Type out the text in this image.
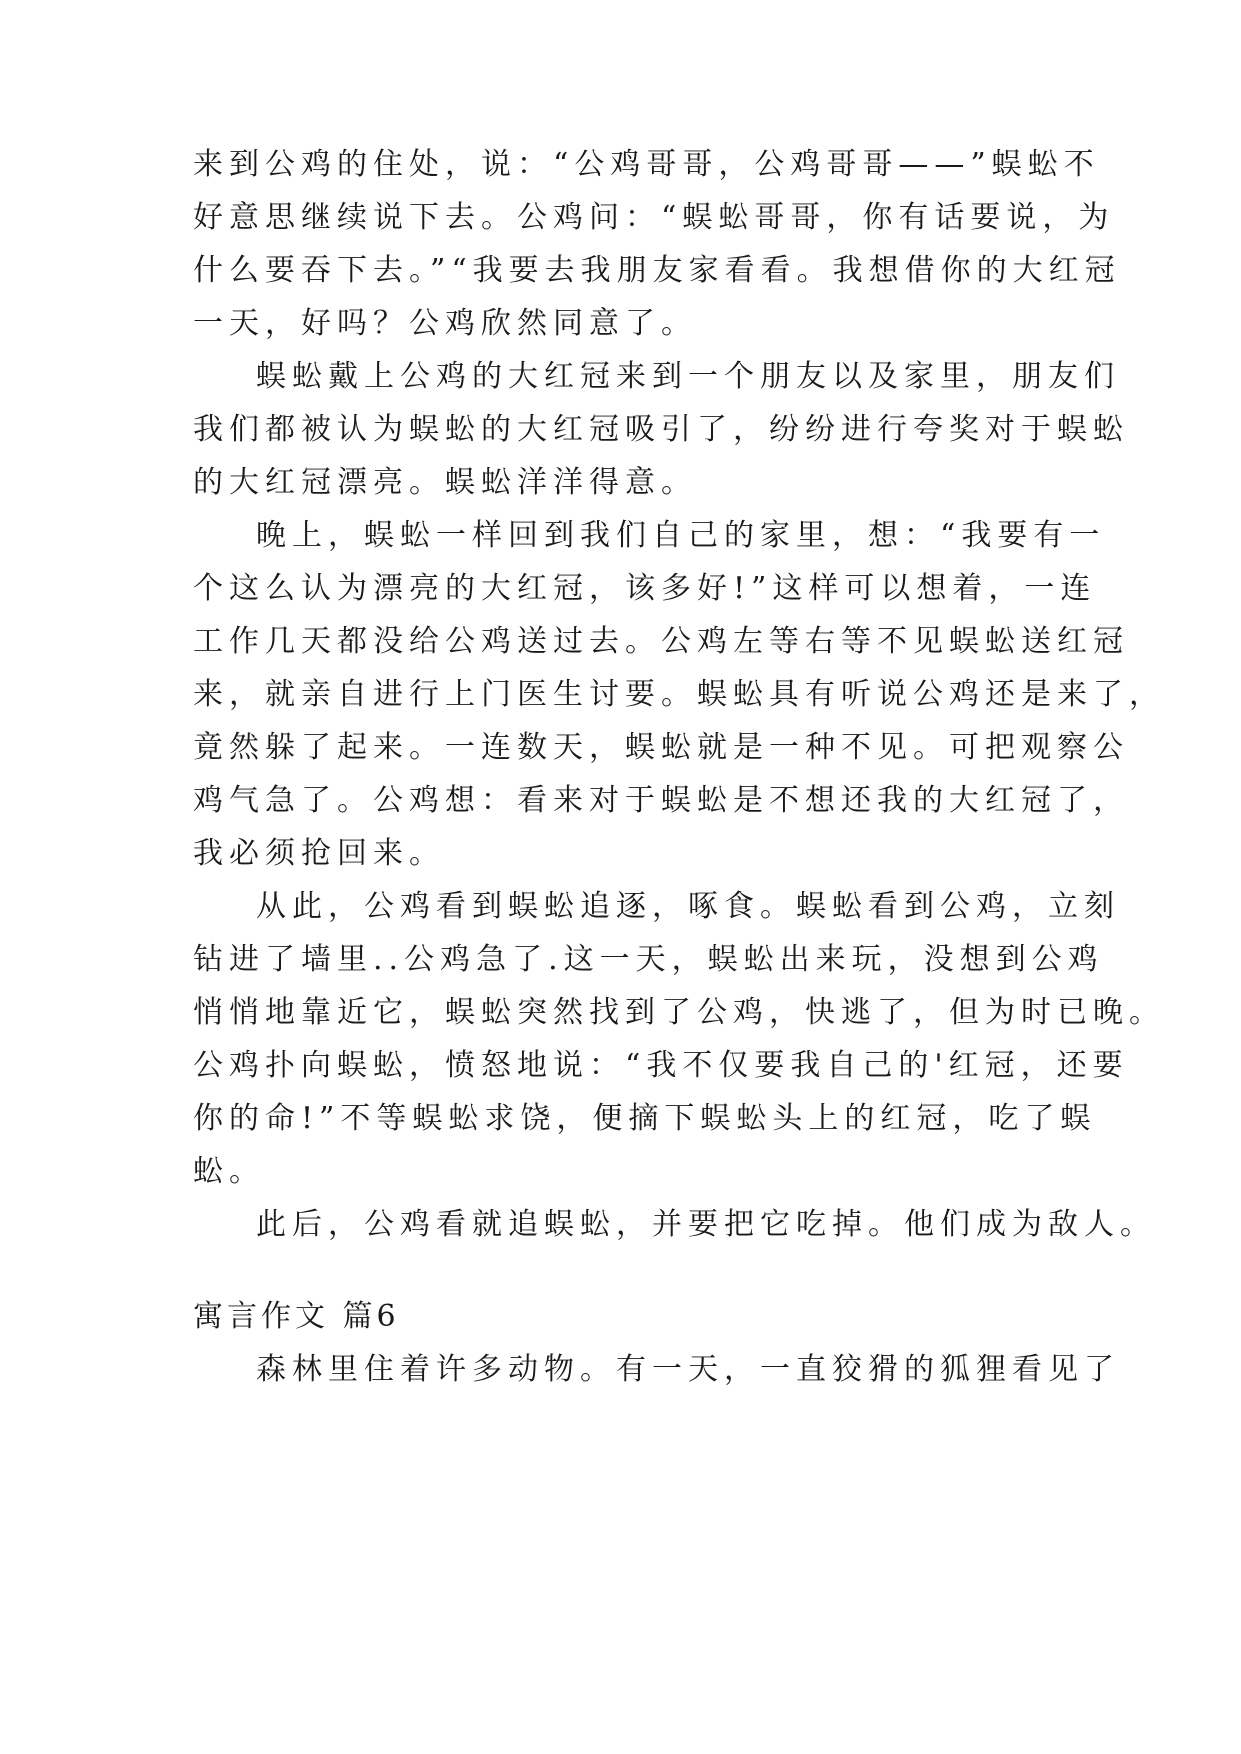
来到公鸡的住处，说：“公鸡哥哥，公鸡哥哥——”蜈蚣不
好意思继续说下去。公鸡问：“蜈蚣哥哥，你有话要说，为
什么要吞下去。”“我要去我朋友家看看。我想借你的大红冠
一天，好吗？公鸡欣然同意了。
蜈蚣戴上公鸡的大红冠来到一个朋友以及家里，朋友们
我们都被认为蜈蚣的大红冠吸引了，纷纷进行夸奖对于蜈蚣
的大红冠漂亮。蜈蚣洋洋得意。
晚上，蜈蚣一样回到我们自己的家里，想：“我要有一
个这么认为漂亮的大红冠，该多好!”这样可以想着，一连
工作几天都没给公鸡送过去。公鸡左等右等不见蜈蚣送红冠
来，就亲自进行上门医生讨要。蜈蚣具有听说公鸡还是来了，
竟然躲了起来。一连数天，蜈蚣就是一种不见。可把观察公
鸡气急了。公鸡想：看来对于蜈蚣是不想还我的大红冠了，
我必须抢回来。
从此，公鸡看到蜈蚣追逐，啄食。蜈蚣看到公鸡，立刻
钻进了墙里..公鸡急了.这一天，蜈蚣出来玩，没想到公鸡
悄悄地靠近它，蜈蚣突然找到了公鸡，快逃了，但为时已晚。
公鸡扑向蜈蚣，愤怒地说：“我不仅要我自己的'红冠，还要
你的命!”不等蜈蚣求饶，便摘下蜈蚣头上的红冠，吃了蜈
蚣。
此后，公鸡看就追蜈蚣，并要把它吃掉。他们成为敌人。
寓言作文 篇6
森林里住着许多动物。有一天，一直狡猾的狐狸看见了
